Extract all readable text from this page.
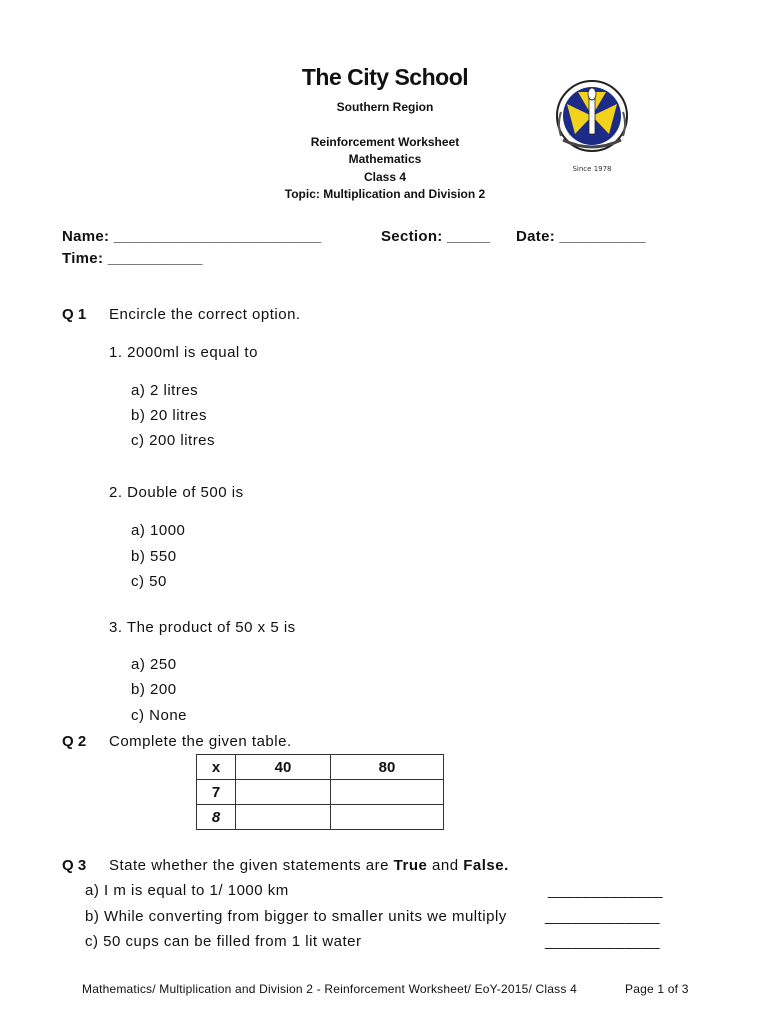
The City School
Southern Region
Reinforcement Worksheet
Mathematics
Class 4
Topic: Multiplication and Division 2
Since 1978
Name: ________________________	Section: _____ Date: __________
Time: ___________
Q 1 Encircle the correct option.
1. 2000ml is equal to
a) 2 litres
b) 20 litres
c) 200 litres
2. Double of 500 is
a) 1000
b) 550
c) 50
3. The product of 50 x 5 is
a) 250
b) 200
c) None
Q 2 Complete the given table.
x	40	80
7		
8		
Q 3 State whether the given statements are True and False.
a) I m is equal to 1/ 1000 km	_____________
b) While converting from bigger to smaller units we multiply	_____________
c) 50 cups can be filled from 1 lit water	_____________
Mathematics/ Multiplication and Division 2 - Reinforcement Worksheet/ EoY-2015/ Class 4	Page 1 of 3
